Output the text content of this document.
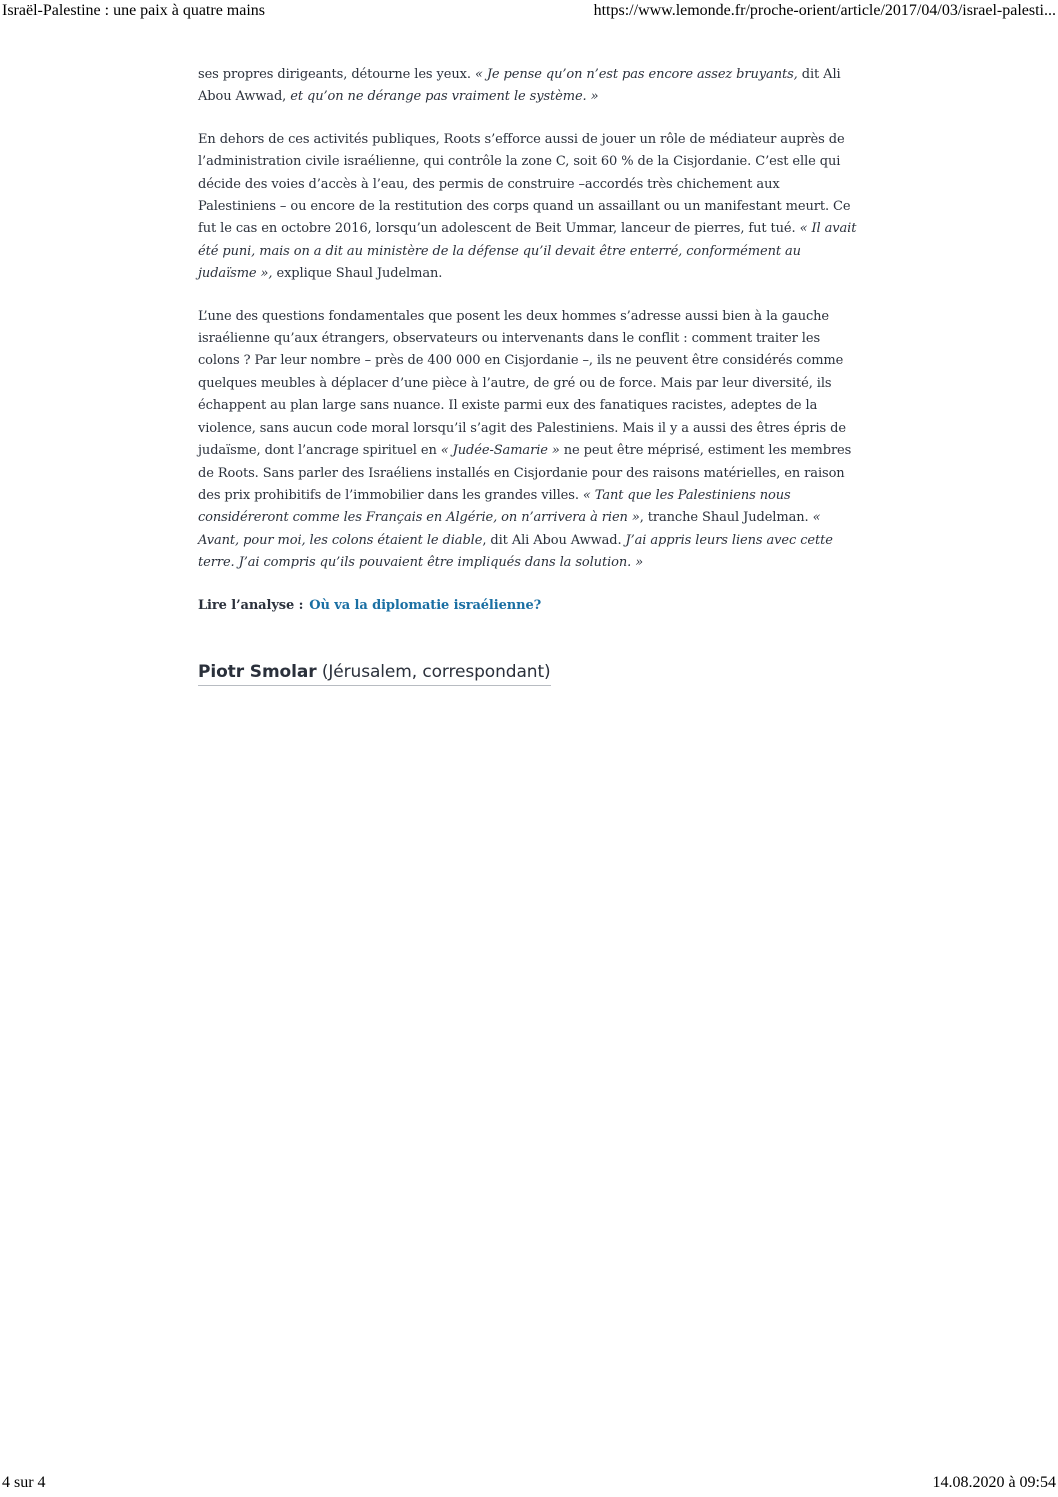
Israël-Palestine : une paix à quatre mains	https://www.lemonde.fr/proche-orient/article/2017/04/03/israel-palesti...

ses propres dirigeants, détourne les yeux. « Je pense qu’on n’est pas encore assez bruyants, dit Ali Abou Awwad, et qu’on ne dérange pas vraiment le système. »

En dehors de ces activités publiques, Roots s’efforce aussi de jouer un rôle de médiateur auprès de l’administration civile israélienne, qui contrôle la zone C, soit 60 % de la Cisjordanie. C’est elle qui décide des voies d’accès à l’eau, des permis de construire –accordés très chichement aux Palestiniens – ou encore de la restitution des corps quand un assaillant ou un manifestant meurt. Ce fut le cas en octobre 2016, lorsqu’un adolescent de Beit Ummar, lanceur de pierres, fut tué. « Il avait été puni, mais on a dit au ministère de la défense qu’il devait être enterré, conformément au judaïsme », explique Shaul Judelman.

L’une des questions fondamentales que posent les deux hommes s’adresse aussi bien à la gauche israélienne qu’aux étrangers, observateurs ou intervenants dans le conflit : comment traiter les colons ? Par leur nombre – près de 400 000 en Cisjordanie –, ils ne peuvent être considérés comme quelques meubles à déplacer d’une pièce à l’autre, de gré ou de force. Mais par leur diversité, ils échappent au plan large sans nuance. Il existe parmi eux des fanatiques racistes, adeptes de la violence, sans aucun code moral lorsqu’il s’agit des Palestiniens. Mais il y a aussi des êtres épris de judaïsme, dont l’ancrage spirituel en « Judée-Samarie » ne peut être méprisé, estiment les membres de Roots. Sans parler des Israéliens installés en Cisjordanie pour des raisons matérielles, en raison des prix prohibitifs de l’immobilier dans les grandes villes. « Tant que les Palestiniens nous considéreront comme les Français en Algérie, on n’arrivera à rien », tranche Shaul Judelman. « Avant, pour moi, les colons étaient le diable, dit Ali Abou Awwad. J’ai appris leurs liens avec cette terre. J’ai compris qu’ils pouvaient être impliqués dans la solution. »

Lire l’analyse : Où va la diplomatie israélienne?

Piotr Smolar (Jérusalem, correspondant)
4 sur 4	14.08.2020 à 09:54
